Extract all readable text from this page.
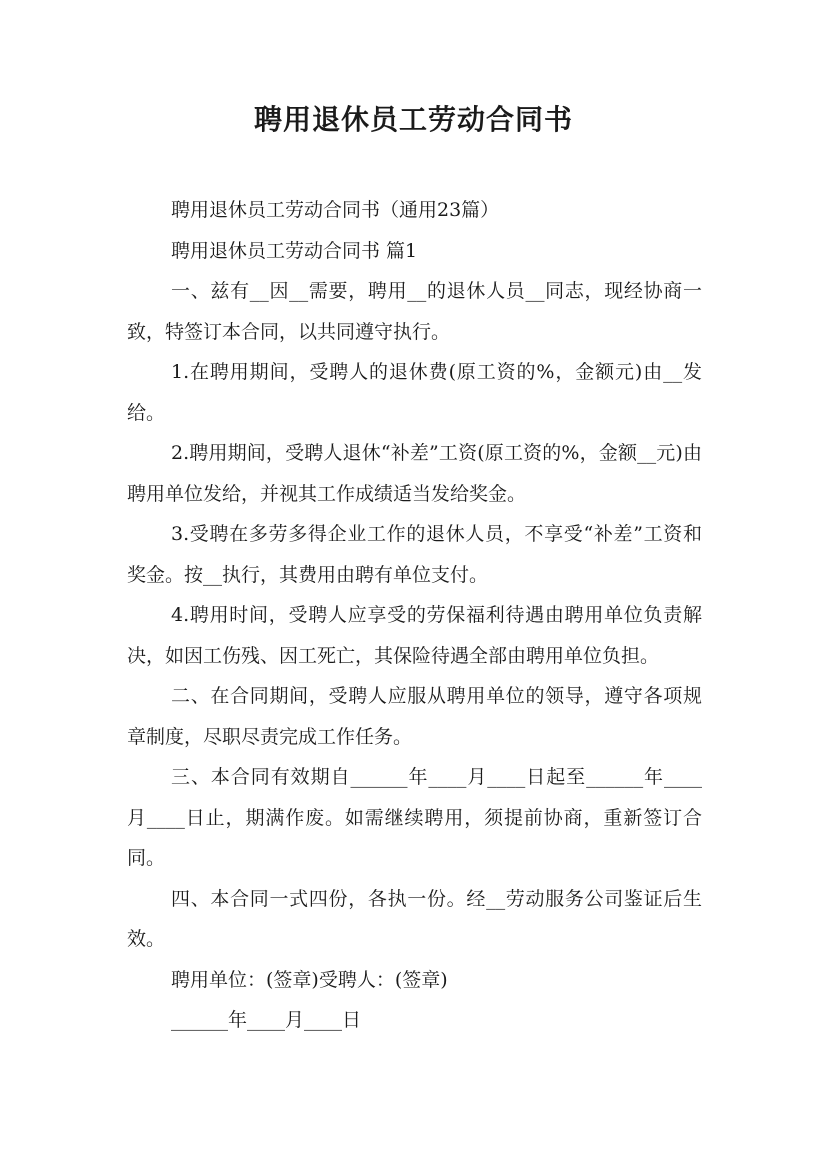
聘用退休员工劳动合同书

聘用退休员工劳动合同书（通用23篇）

聘用退休员工劳动合同书 篇1

一、兹有__因__需要，聘用__的退休人员__同志，现经协商一致，特签订本合同，以共同遵守执行。

1.在聘用期间，受聘人的退休费(原工资的%，金额元)由__发给。

2.聘用期间，受聘人退休“补差”工资(原工资的%，金额__元)由聘用单位发给，并视其工作成绩适当发给奖金。

3.受聘在多劳多得企业工作的退休人员，不享受“补差”工资和奖金。按__执行，其费用由聘有单位支付。

4.聘用时间，受聘人应享受的劳保福利待遇由聘用单位负责解决，如因工伤残、因工死亡，其保险待遇全部由聘用单位负担。

二、在合同期间，受聘人应服从聘用单位的领导，遵守各项规章制度，尽职尽责完成工作任务。

三、本合同有效期自______年____月____日起至______年____月____日止，期满作废。如需继续聘用，须提前协商，重新签订合同。

四、本合同一式四份，各执一份。经__劳动服务公司鉴证后生效。

聘用单位：(签章)受聘人：(签章)

______年____月____日
